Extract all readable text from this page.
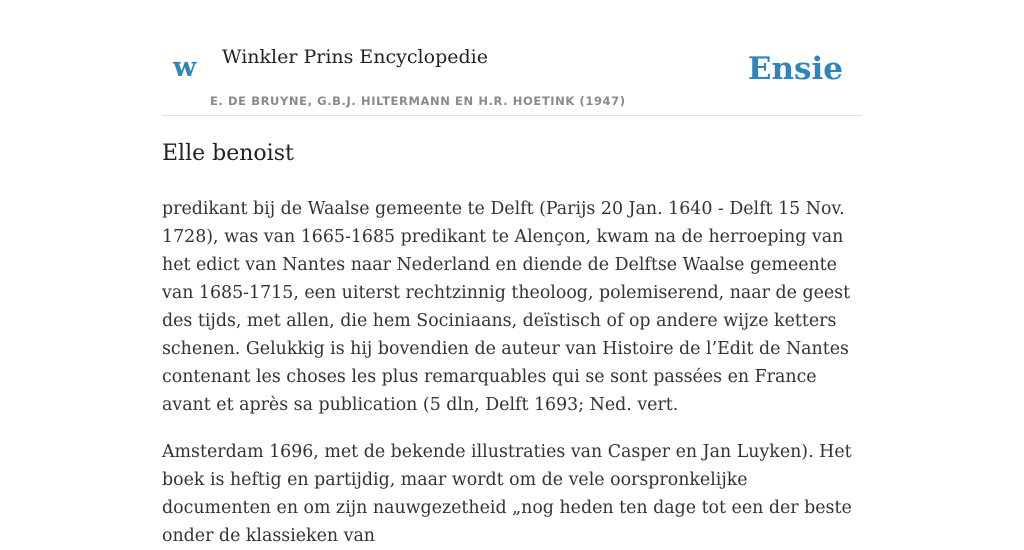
w Winkler Prins Encyclopedie
E. DE BRUYNE, G.B.J. HILTERMANN EN H.R. HOETINK (1947)
Ensie
Elle benoist

predikant bij de Waalse gemeente te Delft (Parijs 20 Jan. 1640 - Delft 15 Nov. 1728), was van 1665-1685 predikant te Alençon, kwam na de herroeping van het edict van Nantes naar Nederland en diende de Delftse Waalse gemeente van 1685-1715, een uiterst rechtzinnig theoloog, polemiserend, naar de geest des tijds, met allen, die hem Sociniaans, deïstisch of op andere wijze ketters schenen. Gelukkig is hij bovendien de auteur van Histoire de l’Edit de Nantes contenant les choses les plus remarquables qui se sont passées en France avant et après sa publication (5 dln, Delft 1693; Ned. vert.

Amsterdam 1696, met de bekende illustraties van Casper en Jan Luyken). Het boek is heftig en partijdig, maar wordt om de vele oorspronkelijke documenten en om zijn nauwgezetheid „nog heden ten dage tot een der beste onder de klassieken van
